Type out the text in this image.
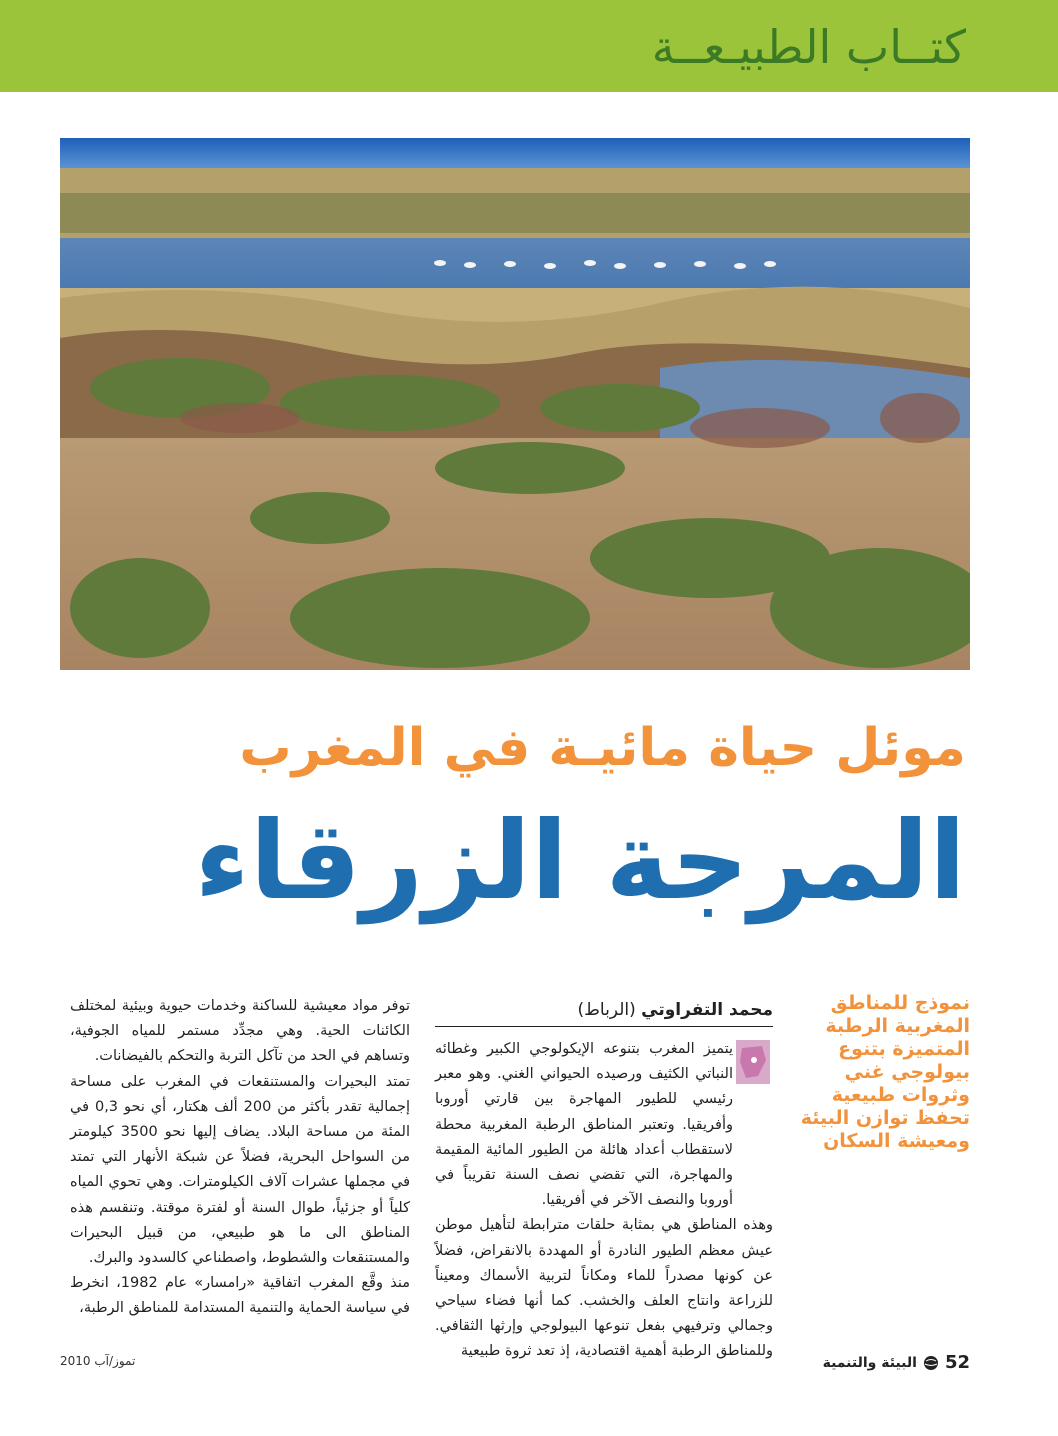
كتــاب الطبيـعــة
موئل حياة مائيـة في المغرب
المرجة الزرقاء
نموذج للمناطق
المغربية الرطبة
المتميزة بتنوع
بيولوجي غني
وثروات طبيعية
تحفظ توازن البيئة
ومعيشة السكان
محمد التفراوتي (الرباط)

يتميز المغرب بتنوعه الإيكولوجي الكبير وغطائه النباتي الكثيف ورصيده الحيواني الغني. وهو معبر رئيسي للطيور المهاجرة بين قارتي أوروبا وأفريقيا. وتعتبر المناطق الرطبة المغربية محطة لاستقطاب أعداد هائلة من الطيور المائية المقيمة والمهاجرة، التي تقضي نصف السنة تقريباً في أوروبا والنصف الآخر في أفريقيا.

وهذه المناطق هي بمثابة حلقات مترابطة لتأهيل موطن عيش معظم الطيور النادرة أو المهددة بالانقراض، فضلاً عن كونها مصدراً للماء ومكاناً لتربية الأسماك ومعيناً للزراعة وانتاج العلف والخشب. كما أنها فضاء سياحي وجمالي وترفيهي بفعل تنوعها البيولوجي وإرثها الثقافي. وللمناطق الرطبة أهمية اقتصادية، إذ تعد ثروة طبيعية

توفر مواد معيشية للساكنة وخدمات حيوية وبيئية لمختلف الكائنات الحية. وهي مجدِّد مستمر للمياه الجوفية، وتساهم في الحد من تآكل التربة والتحكم بالفيضانات.

تمتد البحيرات والمستنقعات في المغرب على مساحة إجمالية تقدر بأكثر من 200 ألف هكتار، أي نحو 0,3 في المئة من مساحة البلاد. يضاف إليها نحو 3500 كيلومتر من السواحل البحرية، فضلاً عن شبكة الأنهار التي تمتد في مجملها عشرات آلاف الكيلومترات. وهي تحوي المياه كلياً أو جزئياً، طوال السنة أو لفترة موقتة. وتنقسم هذه المناطق الى ما هو طبيعي، من قبيل البحيرات والمستنقعات والشطوط، واصطناعي كالسدود والبرك.

منذ وقَّع المغرب اتفاقية «رامسار» عام 1982، انخرط في سياسة الحماية والتنمية المستدامة للمناطق الرطبة،

52
البيئة والتنمية
تموز/آب 2010
